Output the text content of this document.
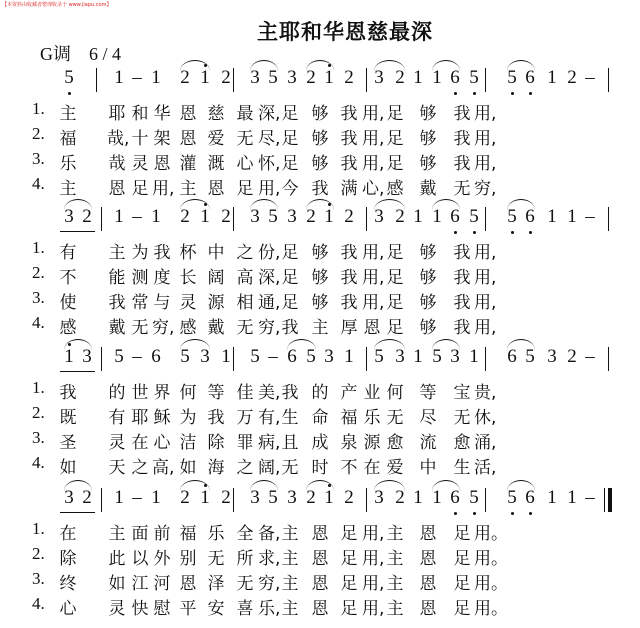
【本资料由收藏者整理收录于 www.jiapu.com】
主耶和华恩慈最深
G调　6 / 4
5 1 – 1 2 1 2 3 5 3 2 1 2 3 2 1 1 6 5 5 6 1 2 –
1. 主 耶 和 华 恩 慈 最 深, 足 够 我 用, 足 够 我 用,
2. 福 哉, 十 架 恩 爱 无 尽, 足 够 我 用, 足 够 我 用,
3. 乐 哉 灵 恩 灌 溉 心 怀, 足 够 我 用, 足 够 我 用,
4. 主 恩 足 用, 主 恩 足 用, 今 我 满 心, 感 戴 无 穷,
3 2 1 – 1 2 1 2 3 5 3 2 1 2 3 2 1 1 6 5 5 6 1 1 –
1. 有 主 为 我 杯 中 之 份, 足 够 我 用, 足 够 我 用,
2. 不 能 测 度 长 阔 高 深, 足 够 我 用, 足 够 我 用,
3. 使 我 常 与 灵 源 相 通, 足 够 我 用, 足 够 我 用,
4. 感 戴 无 穷, 感 戴 无 穷, 我 主 厚 恩 足 够 我 用,
1 3 5 – 6 5 3 1 5 – 6 5 3 1 5 3 1 5 3 1 6 5 3 2 –
1. 我 的 世 界 何 等 佳 美, 我 的 产 业 何 等 宝 贵,
2. 既 有 耶 稣 为 我 万 有, 生 命 福 乐 无 尽 无 休,
3. 圣 灵 在 心 洁 除 罪 病, 且 成 泉 源 愈 流 愈 涌,
4. 如 天 之 高, 如 海 之 阔, 无 时 不 在 爱 中 生 活,
3 2 1 – 1 2 1 2 3 5 3 2 1 2 3 2 1 1 6 5 5 6 1 1 –
1. 在 主 面 前 福 乐 全 备, 主 恩 足 用, 主 恩 足 用。
2. 除 此 以 外 别 无 所 求, 主 恩 足 用, 主 恩 足 用。
3. 终 如 江 河 恩 泽 无 穷, 主 恩 足 用, 主 恩 足 用。
4. 心 灵 快 慰 平 安 喜 乐, 主 恩 足 用, 主 恩 足 用。
